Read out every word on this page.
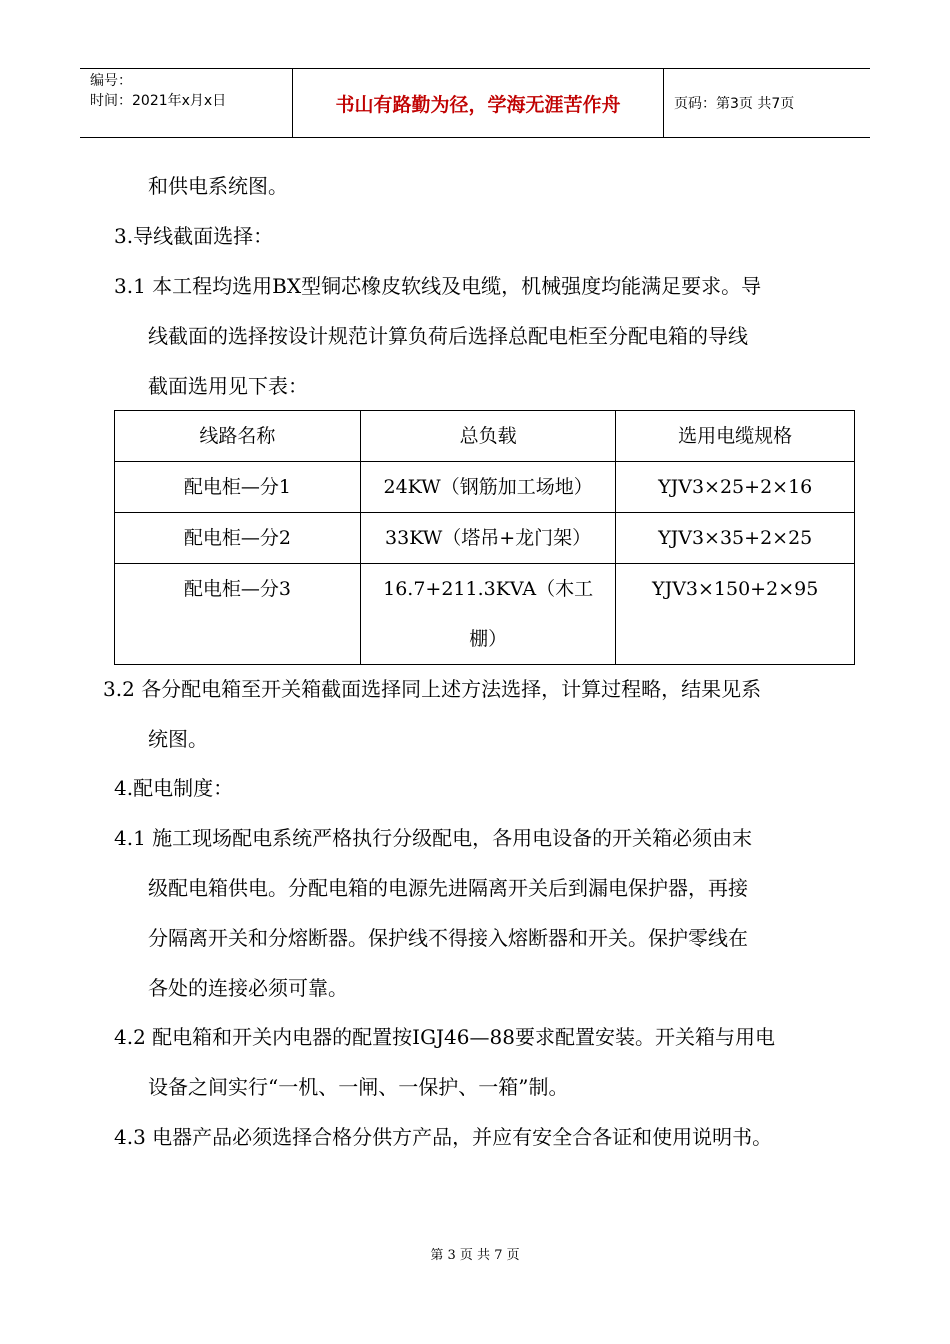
编号：
时间：2021年x月x日	书山有路勤为径，学海无涯苦作舟	页码：第3页 共7页
和供电系统图。
3.导线截面选择：
3.1 本工程均选用BX型铜芯橡皮软线及电缆，机械强度均能满足要求。导
线截面的选择按设计规范计算负荷后选择总配电柜至分配电箱的导线
截面选用见下表：
线路名称	总负载	选用电缆规格
配电柜—分1	24KW（钢筋加工场地）	YJV3×25+2×16
配电柜—分2	33KW（塔吊+龙门架）	YJV3×35+2×25
配电柜—分3	16.7+211.3KVA（木工
棚）	YJV3×150+2×95
3.2 各分配电箱至开关箱截面选择同上述方法选择，计算过程略，结果见系
统图。
4.配电制度：
4.1 施工现场配电系统严格执行分级配电，各用电设备的开关箱必须由末
级配电箱供电。分配电箱的电源先进隔离开关后到漏电保护器，再接
分隔离开关和分熔断器。保护线不得接入熔断器和开关。保护零线在
各处的连接必须可靠。
4.2 配电箱和开关内电器的配置按IGJ46—88要求配置安装。开关箱与用电
设备之间实行“一机、一闸、一保护、一箱”制。
4.3 电器产品必须选择合格分供方产品，并应有安全合各证和使用说明书。
第 3 页 共 7 页
